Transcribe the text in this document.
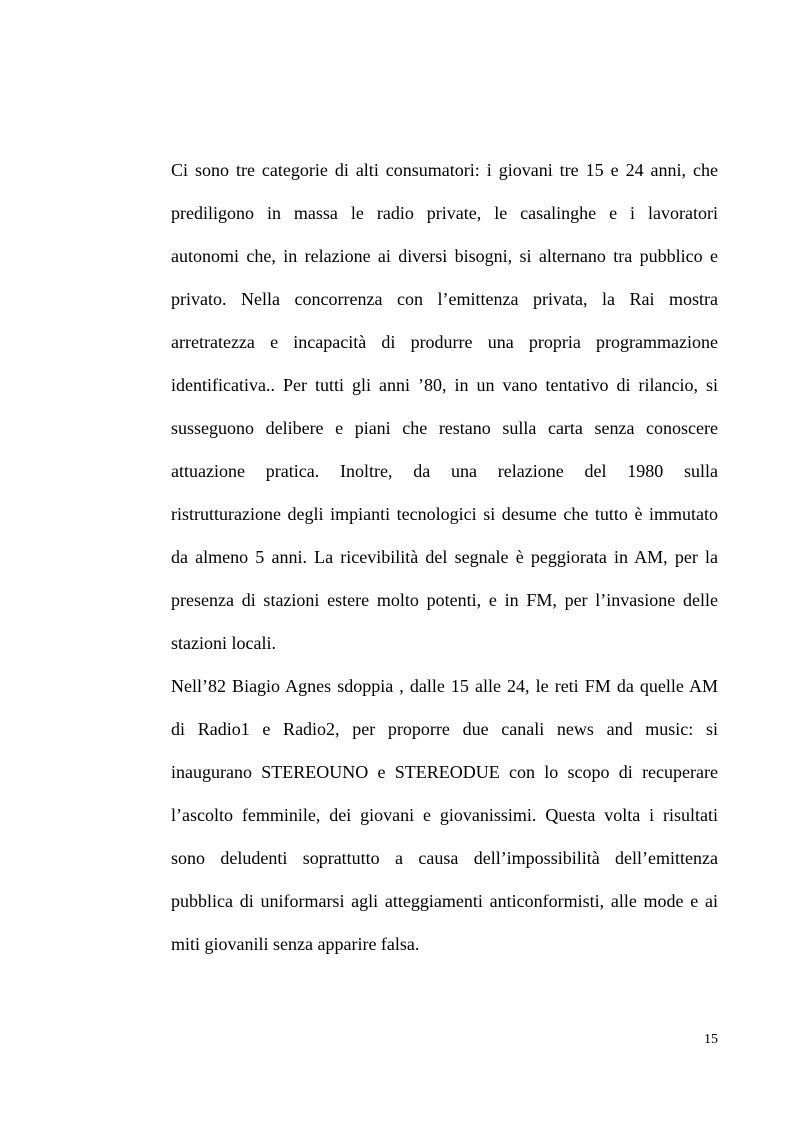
Ci sono tre categorie di alti consumatori: i giovani tre 15 e 24 anni, che
prediligono in massa le radio private, le casalinghe e i lavoratori
autonomi che, in relazione ai diversi bisogni, si alternano tra pubblico e
privato. Nella concorrenza con l’emittenza privata, la Rai mostra
arretratezza e incapacità di produrre una propria programmazione
identificativa.. Per tutti gli anni ’80, in un vano tentativo di rilancio, si
susseguono delibere e piani che restano sulla carta senza conoscere
attuazione pratica. Inoltre, da una relazione del 1980 sulla
ristrutturazione degli impianti tecnologici si desume che tutto è immutato
da almeno 5 anni. La ricevibilità del segnale è peggiorata in AM, per la
presenza di stazioni estere molto potenti, e in FM, per l’invasione delle
stazioni locali.
Nell’82 Biagio Agnes sdoppia , dalle 15 alle 24, le reti FM da quelle AM
di Radio1 e Radio2, per proporre due canali news and music: si
inaugurano STEREOUNO e STEREODUE con lo scopo di recuperare
l’ascolto femminile, dei giovani e giovanissimi. Questa volta i risultati
sono deludenti soprattutto a causa dell’impossibilità dell’emittenza
pubblica di uniformarsi agli atteggiamenti anticonformisti, alle mode e ai
miti giovanili senza apparire falsa.
15
